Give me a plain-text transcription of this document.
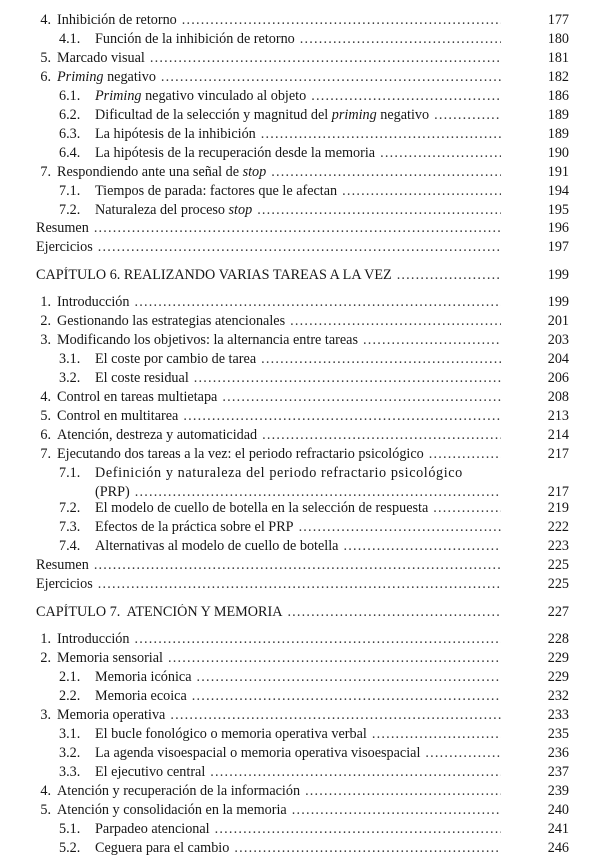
4. Inhibición de retorno .....	177
4.1.	Función de la inhibición de retorno .....	180
5. Marcado visual .....	181
6. Priming negativo .....	182
6.1.	Priming negativo vinculado al objeto .....	186
6.2.	Dificultad de la selección y magnitud del priming negativo .....	189
6.3.	La hipótesis de la inhibición .....	189
6.4.	La hipótesis de la recuperación desde la memoria .....	190
7. Respondiendo ante una señal de stop .....	191
7.1.	Tiempos de parada: factores que le afectan .....	194
7.2.	Naturaleza del proceso stop .....	195
Resumen .....	196
Ejercicios .....	197
CAPÍTULO 6. REALIZANDO VARIAS TAREAS A LA VEZ .....	199
1. Introducción .....	199
2. Gestionando las estrategias atencionales .....	201
3. Modificando los objetivos: la alternancia entre tareas .....	203
3.1.	El coste por cambio de tarea .....	204
3.2.	El coste residual .....	206
4. Control en tareas multietapa .....	208
5. Control en multitarea .....	213
6. Atención, destreza y automaticidad .....	214
7. Ejecutando dos tareas a la vez: el periodo refractario psicológico .....	217
7.1.	Definición y naturaleza del periodo refractario psicológico
(PRP) .....	217
7.2.	El modelo de cuello de botella en la selección de respuesta .....	219
7.3.	Efectos de la práctica sobre el PRP .....	222
7.4.	Alternativas al modelo de cuello de botella .....	223
Resumen .....	225
Ejercicios .....	225
CAPÍTULO 7.  ATENCIÓN Y MEMORIA .....	227
1. Introducción .....	228
2. Memoria sensorial .....	229
2.1.	Memoria icónica .....	229
2.2.	Memoria ecoica .....	232
3. Memoria operativa .....	233
3.1.	El bucle fonológico o memoria operativa verbal .....	235
3.2.	La agenda visoespacial o memoria operativa visoespacial .....	236
3.3.	El ejecutivo central .....	237
4. Atención y recuperación de la información .....	239
5. Atención y consolidación en la memoria .....	240
5.1.	Parpadeo atencional .....	241
5.2.	Ceguera para el cambio .....	246
